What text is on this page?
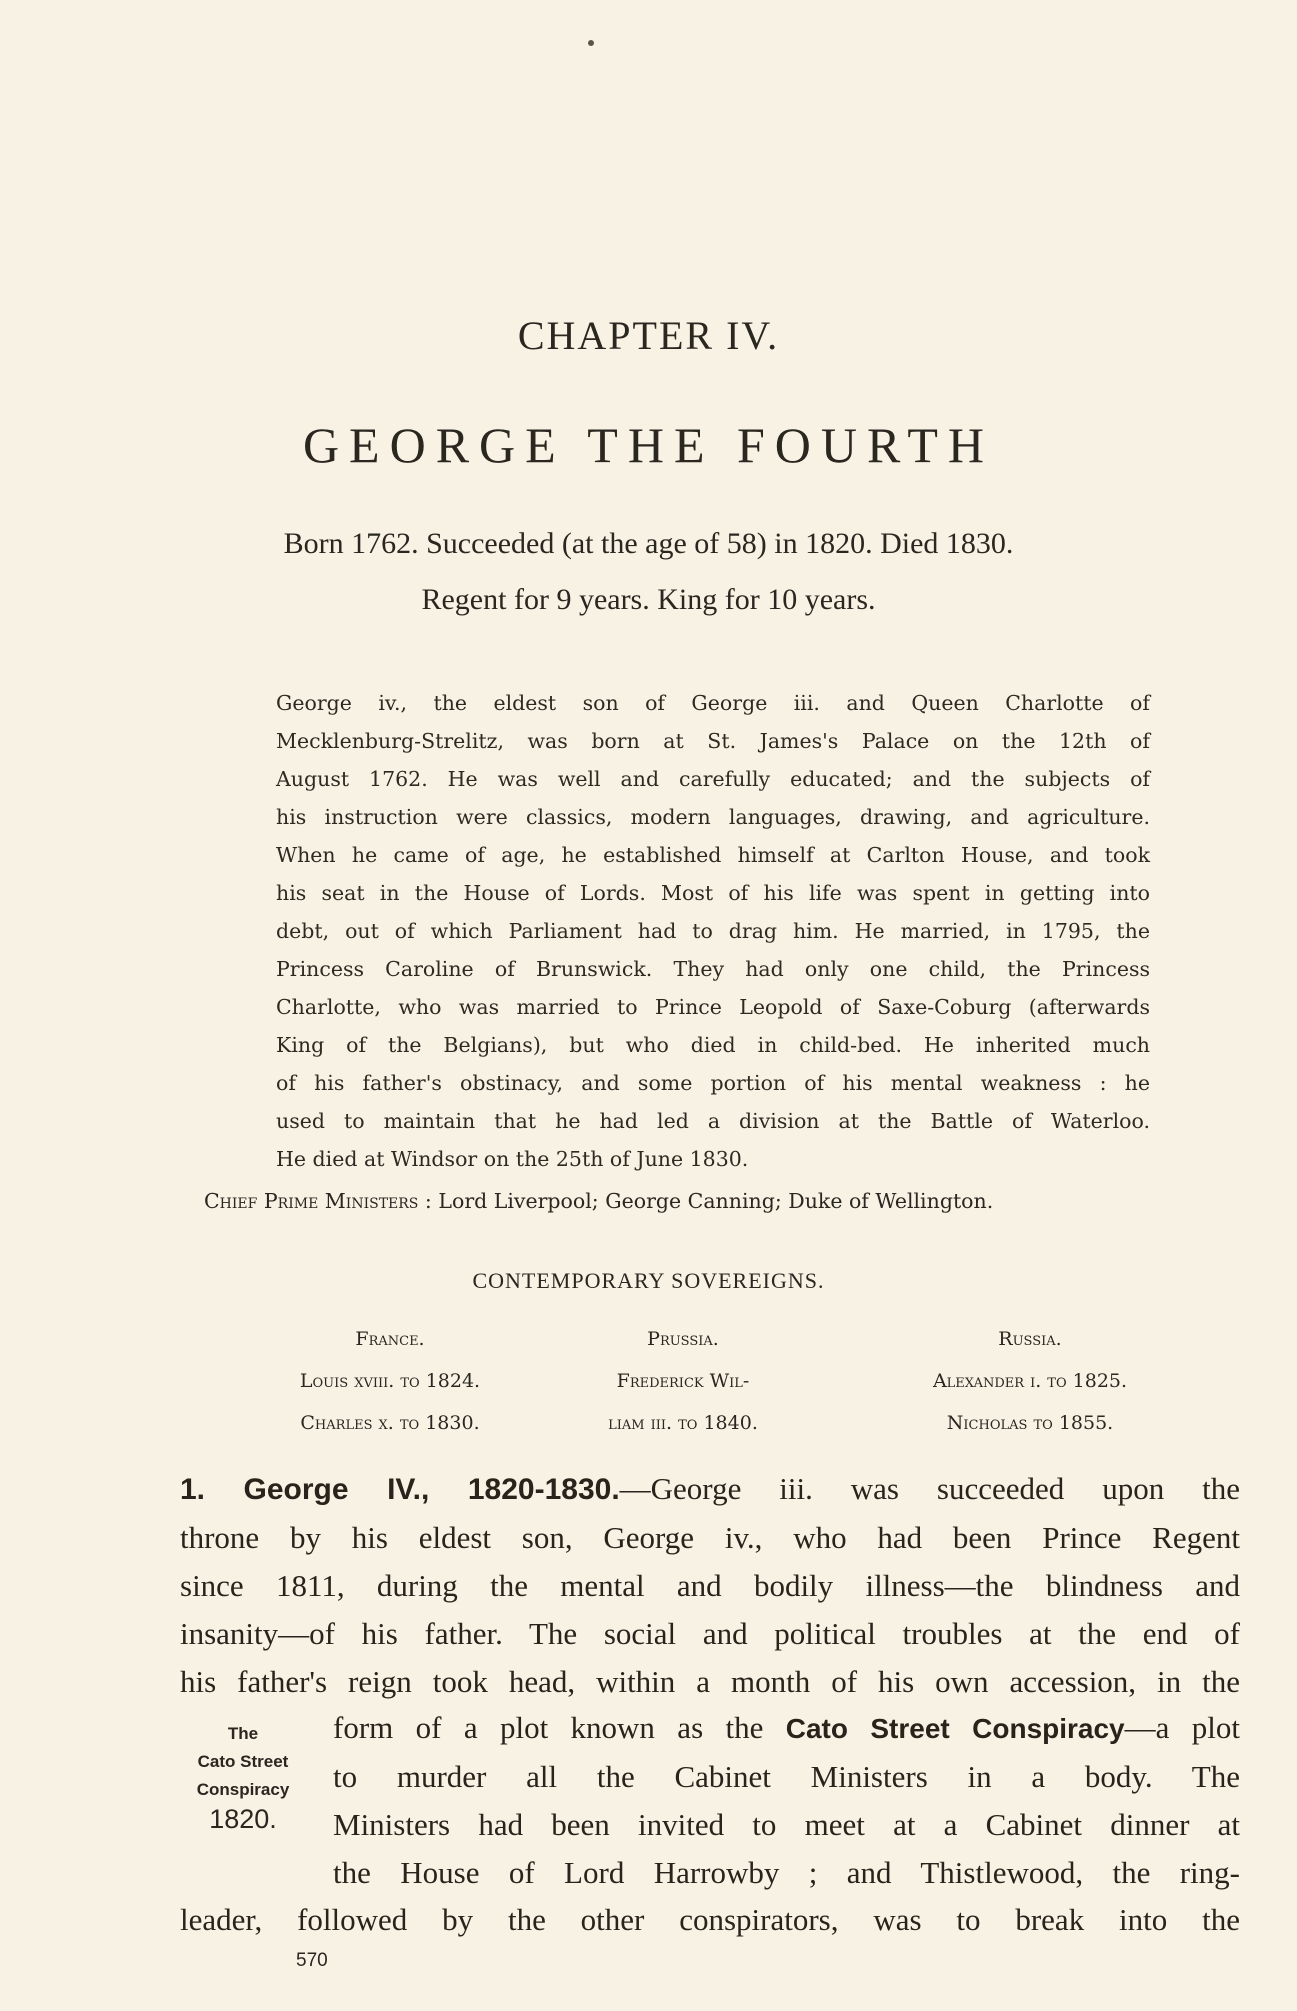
CHAPTER IV.
GEORGE THE FOURTH
Born 1762. Succeeded (at the age of 58) in 1820. Died 1830.
Regent for 9 years. King for 10 years.
George iv., the eldest son of George iii. and Queen Charlotte of
Mecklenburg-Strelitz, was born at St. James's Palace on the 12th of
August 1762. He was well and carefully educated; and the subjects of
his instruction were classics, modern languages, drawing, and agriculture.
When he came of age, he established himself at Carlton House, and took
his seat in the House of Lords. Most of his life was spent in getting into
debt, out of which Parliament had to drag him. He married, in 1795, the
Princess Caroline of Brunswick. They had only one child, the Princess
Charlotte, who was married to Prince Leopold of Saxe-Coburg (afterwards
King of the Belgians), but who died in child-bed. He inherited much
of his father's obstinacy, and some portion of his mental weakness : he
used to maintain that he had led a division at the Battle of Waterloo.
He died at Windsor on the 25th of June 1830.
Chief Prime Ministers : Lord Liverpool; George Canning; Duke of Wellington.
CONTEMPORARY SOVEREIGNS.
France.
Louis xviii. to 1824.
Charles x. to 1830.
Prussia.
Frederick Wil-
liam iii. to 1840.
Russia.
Alexander i. to 1825.
Nicholas to 1855.
1. George IV., 1820-1830.—George iii. was succeeded upon the
throne by his eldest son, George iv., who had been Prince Regent
since 1811, during the mental and bodily illness—the blindness and
insanity—of his father. The social and political troubles at the end of
his father's reign took head, within a month of his own accession, in the
form of a plot known as the Cato Street Conspiracy—a plot
to murder all the Cabinet Ministers in a body. The
Ministers had been invited to meet at a Cabinet dinner at
the House of Lord Harrowby ; and Thistlewood, the ring-
leader, followed by the other conspirators, was to break into the
The
Cato Street
Conspiracy
1820.
570
